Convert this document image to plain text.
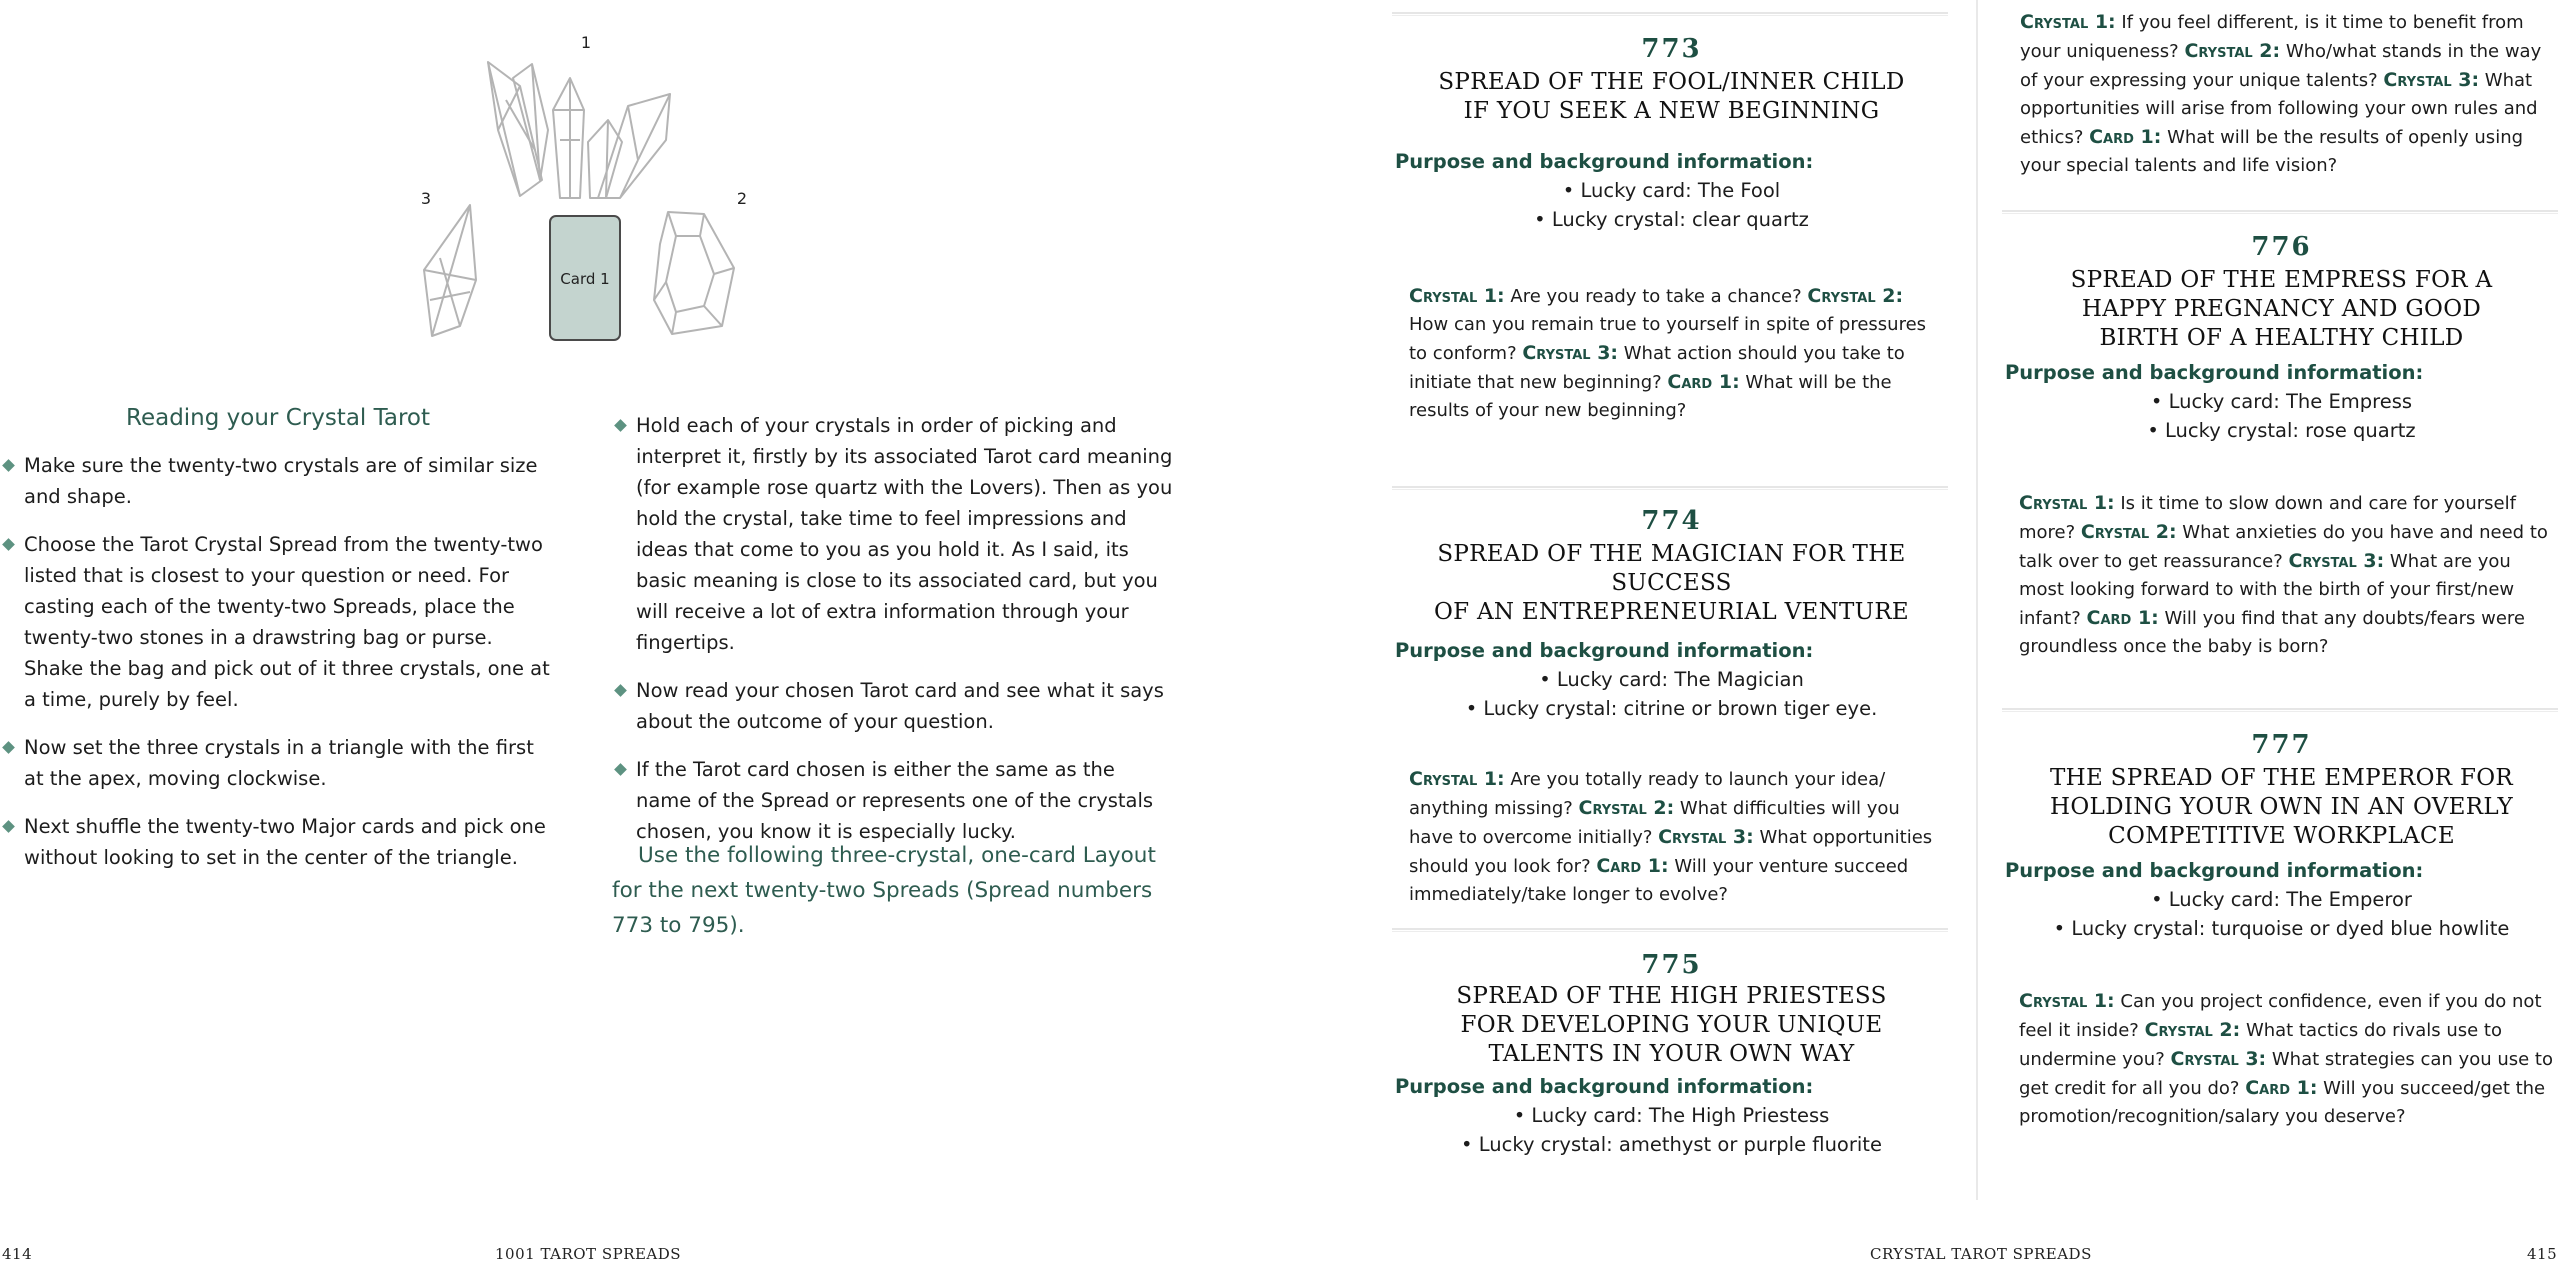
Card 1
1
2
3
Reading your Crystal Tarot
Make sure the twenty-two crystals are of similar size and shape.
Choose the Tarot Crystal Spread from the twenty-two listed that is closest to your question or need. For casting each of the twenty-two Spreads, place the twenty-two stones in a drawstring bag or purse. Shake the bag and pick out of it three crystals, one at a time, purely by feel.
Now set the three crystals in a triangle with the first at the apex, moving clockwise.
Next shuffle the twenty-two Major cards and pick one without looking to set in the center of the triangle.
Hold each of your crystals in order of picking and interpret it, firstly by its associated Tarot card meaning (for example rose quartz with the Lovers). Then as you hold the crystal, take time to feel impressions and ideas that come to you as you hold it. As I said, its basic meaning is close to its associated card, but you will receive a lot of extra information through your fingertips.
Now read your chosen Tarot card and see what it says about the outcome of your question.
If the Tarot card chosen is either the same as the name of the Spread or represents one of the crystals chosen, you know it is especially lucky.

Use the following three-crystal, one-card Layout for the next twenty-two Spreads (Spread numbers 773 to 795).

414	1001 TAROT SPREADS
773
SPREAD OF THE FOOL/INNER CHILD
IF YOU SEEK A NEW BEGINNING
Purpose and background information:
• Lucky card: The Fool
• Lucky crystal: clear quartz

Crystal 1: Are you ready to take a chance? Crystal 2: How can you remain true to yourself in spite of pressures to conform? Crystal 3: What action should you take to initiate that new beginning? Card 1: What will be the results of your new beginning?

774
SPREAD OF THE MAGICIAN FOR THE SUCCESS
OF AN ENTREPRENEURIAL VENTURE
Purpose and background information:
• Lucky card: The Magician
• Lucky crystal: citrine or brown tiger eye.

Crystal 1: Are you totally ready to launch your idea/ anything missing? Crystal 2: What difficulties will you have to overcome initially? Crystal 3: What opportunities should you look for? Card 1: Will your venture succeed immediately/take longer to evolve?

775
SPREAD OF THE HIGH PRIESTESS
FOR DEVELOPING YOUR UNIQUE
TALENTS IN YOUR OWN WAY
Purpose and background information:
• Lucky card: The High Priestess
• Lucky crystal: amethyst or purple fluorite

Crystal 1: If you feel different, is it time to benefit from your uniqueness? Crystal 2: Who/what stands in the way of your expressing your unique talents? Crystal 3: What opportunities will arise from following your own rules and ethics? Card 1: What will be the results of openly using your special talents and life vision?

776
SPREAD OF THE EMPRESS FOR A
HAPPY PREGNANCY AND GOOD
BIRTH OF A HEALTHY CHILD
Purpose and background information:
• Lucky card: The Empress
• Lucky crystal: rose quartz

Crystal 1: Is it time to slow down and care for yourself more? Crystal 2: What anxieties do you have and need to talk over to get reassurance? Crystal 3: What are you most looking forward to with the birth of your first/new infant? Card 1: Will you find that any doubts/fears were groundless once the baby is born?

777
THE SPREAD OF THE EMPEROR FOR
HOLDING YOUR OWN IN AN OVERLY
COMPETITIVE WORKPLACE
Purpose and background information:
• Lucky card: The Emperor
• Lucky crystal: turquoise or dyed blue howlite

Crystal 1: Can you project confidence, even if you do not feel it inside? Crystal 2: What tactics do rivals use to undermine you? Crystal 3: What strategies can you use to get credit for all you do? Card 1: Will you succeed/get the promotion/recognition/salary you deserve?

CRYSTAL TAROT SPREADS	415
